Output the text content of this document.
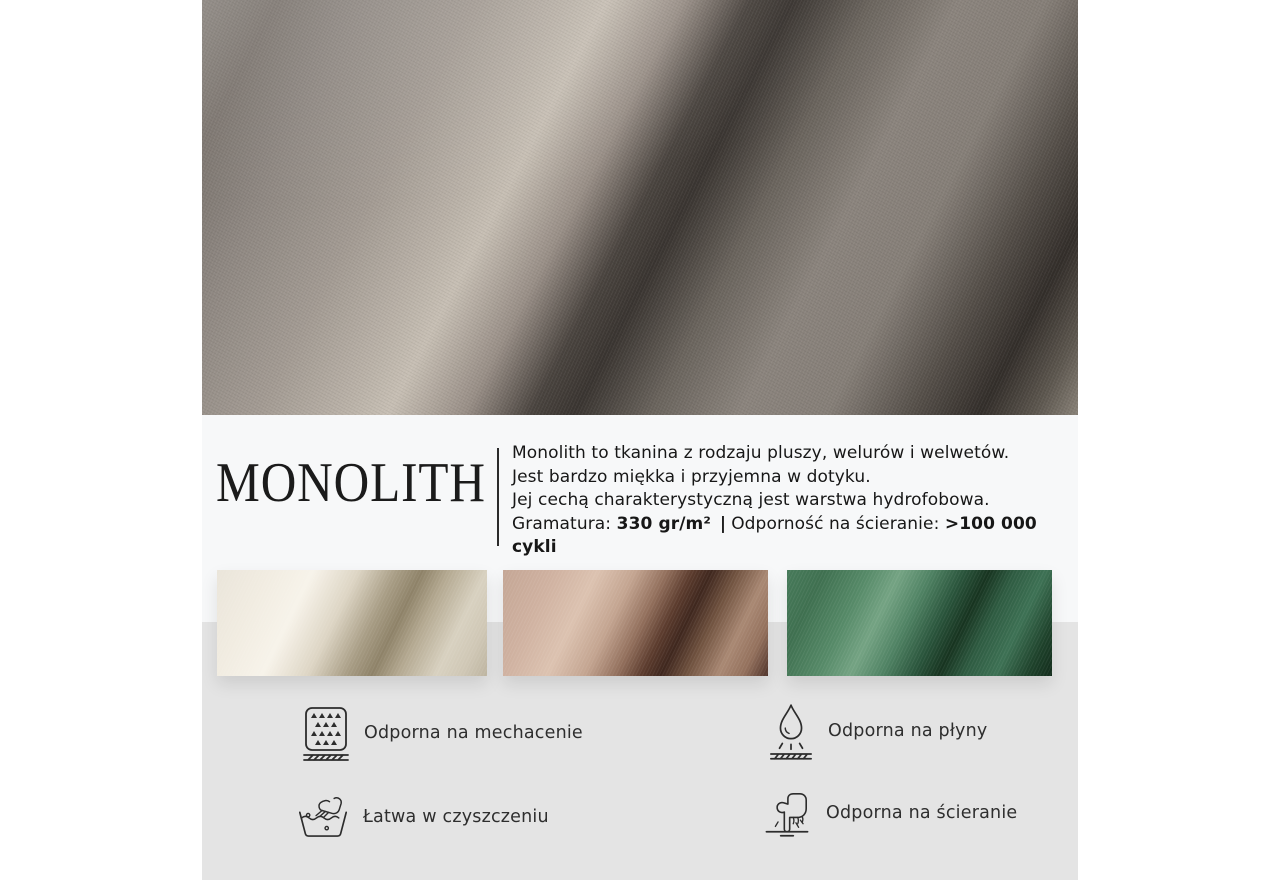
MONOLITH Monolith to tkanina z rodzaju pluszy, welurów i welwetów.
Jest bardzo miękka i przyjemna w dotyku.
Jej cechą charakterystyczną jest warstwa hydrofobowa.
Gramatura: 330 gr/m² | Odporność na ścieranie: >100 000 cykli
Odporna na mechacenie	Odporna na płyny
Łatwa w czyszczeniu	Odporna na ścieranie
